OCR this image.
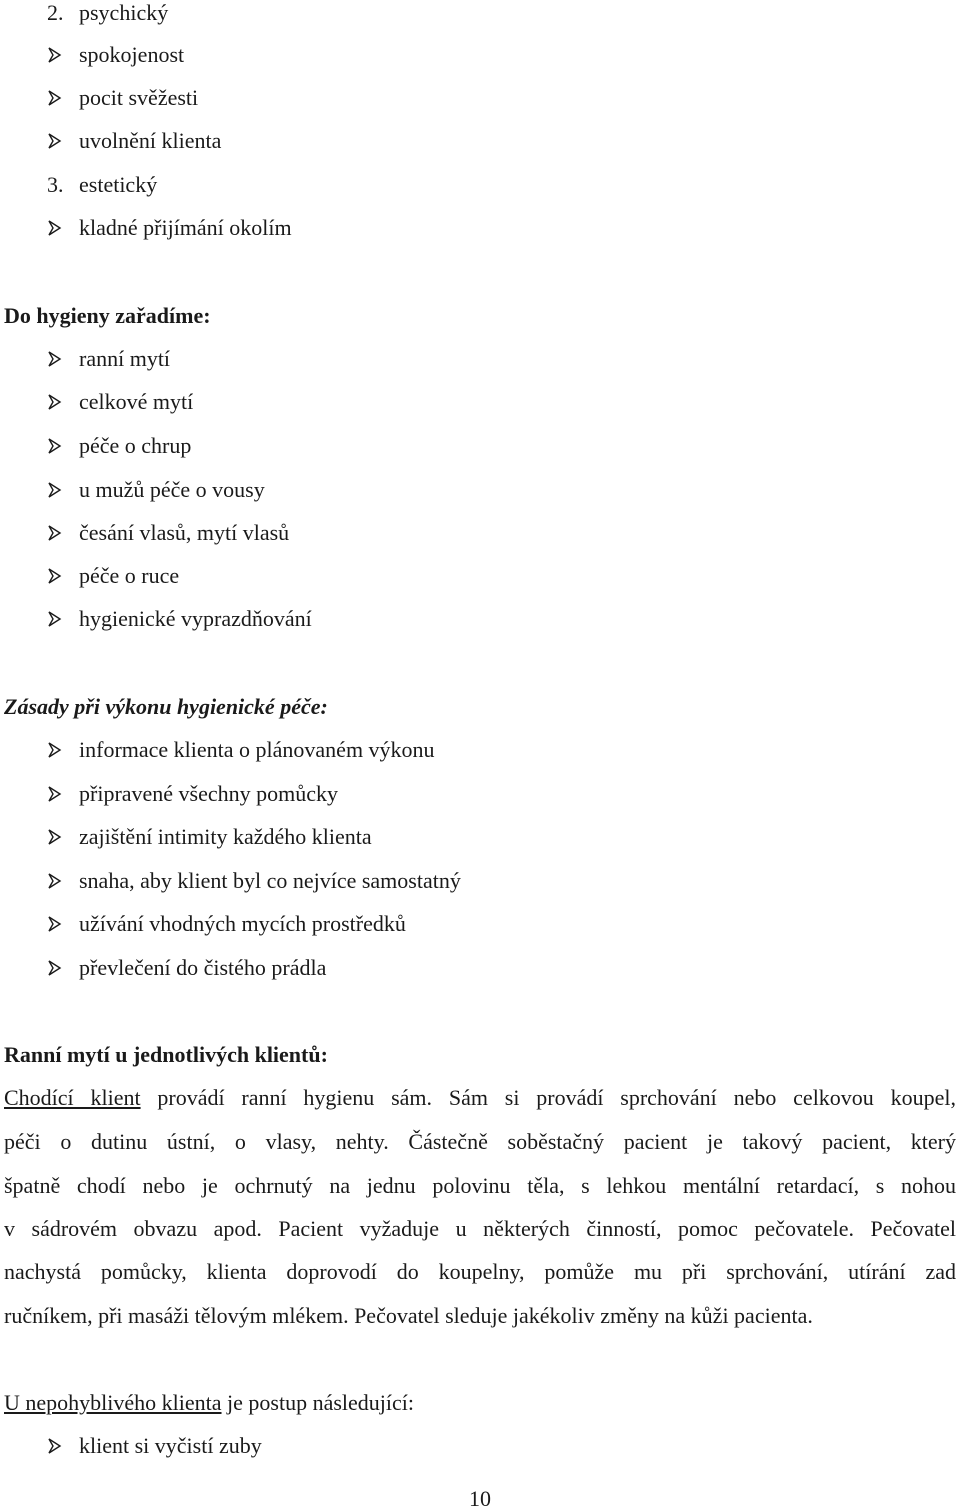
2. psychický
spokojenost
pocit svěžesti
uvolnění klienta
3. estetický
kladné přijímání okolím
Do hygieny zařadíme:
ranní mytí
celkové mytí
péče o chrup
u mužů péče o vousy
česání vlasů, mytí vlasů
péče o ruce
hygienické vyprazdňování
Zásady při výkonu hygienické péče:
informace klienta o plánovaném výkonu
připravené všechny pomůcky
zajištění intimity každého klienta
snaha, aby klient byl co nejvíce samostatný
užívání vhodných mycích prostředků
převlečení do čistého prádla
Ranní mytí u jednotlivých klientů:
Chodící klient provádí ranní hygienu sám. Sám si provádí sprchování nebo celkovou koupel,
péči o dutinu ústní, o vlasy, nehty. Částečně soběstačný pacient je takový pacient, který
špatně chodí nebo je ochrnutý na jednu polovinu těla, s lehkou mentální retardací, s nohou
v sádrovém obvazu apod. Pacient vyžaduje u některých činností, pomoc pečovatele. Pečovatel
nachystá pomůcky, klienta doprovodí do koupelny, pomůže mu při sprchování, utírání zad
ručníkem, při masáži tělovým mlékem. Pečovatel sleduje jakékoliv změny na kůži pacienta.
U nepohyblivého klienta je postup následující:
klient si vyčistí zuby
10
